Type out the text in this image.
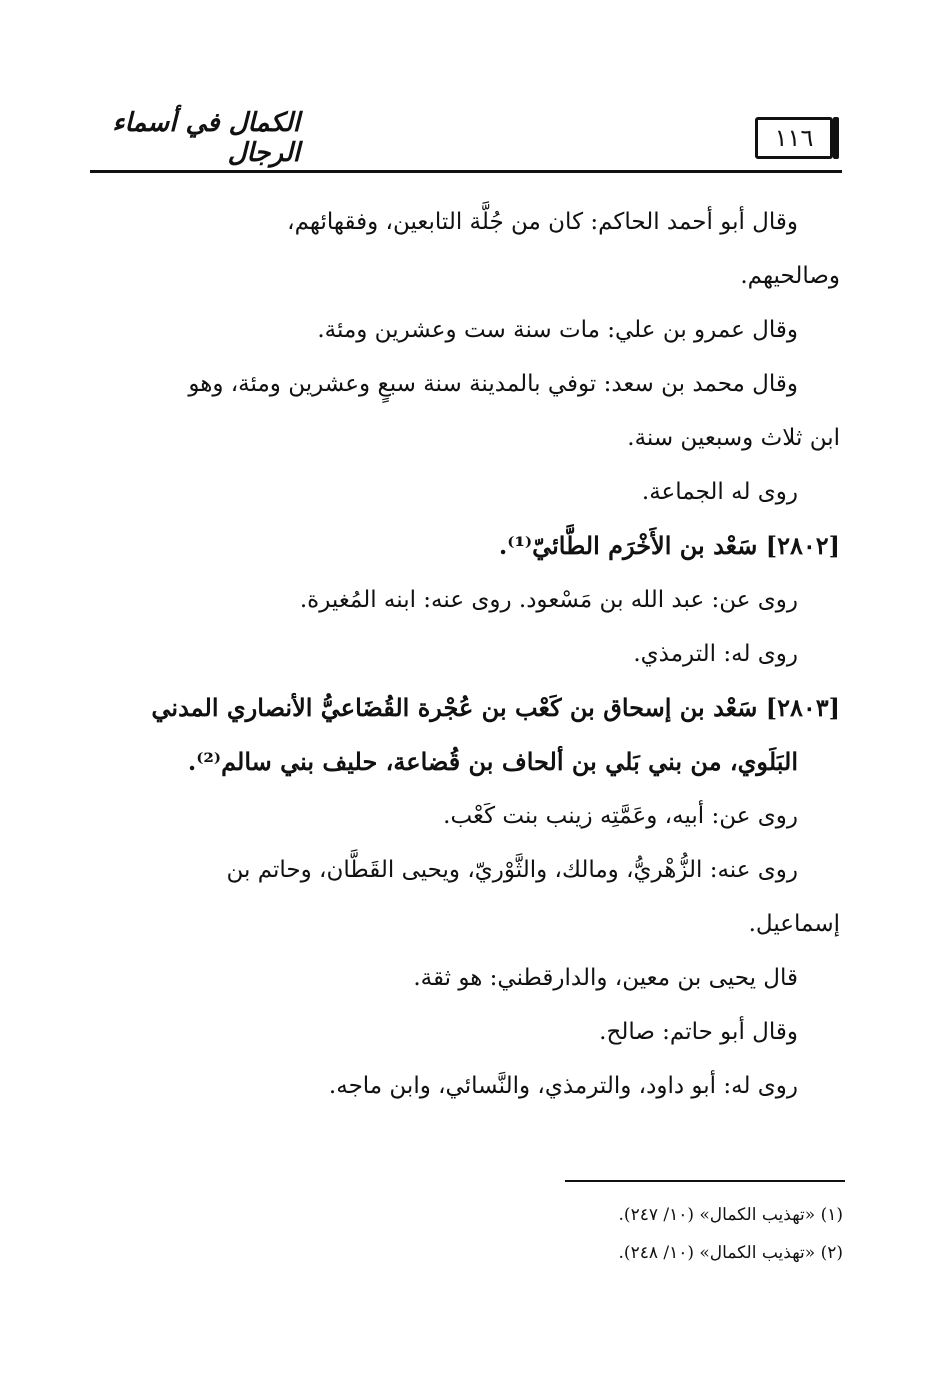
١١٦
الكمال في أسماء الرجال
وقال أبو أحمد الحاكم: كان من جُلَّة التابعين، وفقهائهم،
وصالحيهم.
وقال عمرو بن علي: مات سنة ست وعشرين ومئة.
وقال محمد بن سعد: توفي بالمدينة سنة سبعٍ وعشرين ومئة، وهو
ابن ثلاث وسبعين سنة.
روى له الجماعة.
[٢٨٠٢] سَعْد بن الأَخْرَم الطَّائيّ⁽¹⁾.
روى عن: عبد الله بن مَسْعود. روى عنه: ابنه المُغيرة.
روى له: الترمذي.
[٢٨٠٣] سَعْد بن إسحاق بن كَعْب بن عُجْرة القُضَاعيُّ الأنصاري المدني
البَلَوي، من بني بَلي بن ألحاف بن قُضاعة، حليف بني سالم⁽²⁾.
روى عن: أبيه، وعَمَّتِه زينب بنت كَعْب.
روى عنه: الزُّهْريُّ، ومالك، والثَّوْريّ، ويحيى القَطَّان، وحاتم بن
إسماعيل.
قال يحيى بن معين، والدارقطني: هو ثقة.
وقال أبو حاتم: صالح.
روى له: أبو داود، والترمذي، والنَّسائي، وابن ماجه.
(١) «تهذيب الكمال» (١٠/ ٢٤٧).
(٢) «تهذيب الكمال» (١٠/ ٢٤٨).
